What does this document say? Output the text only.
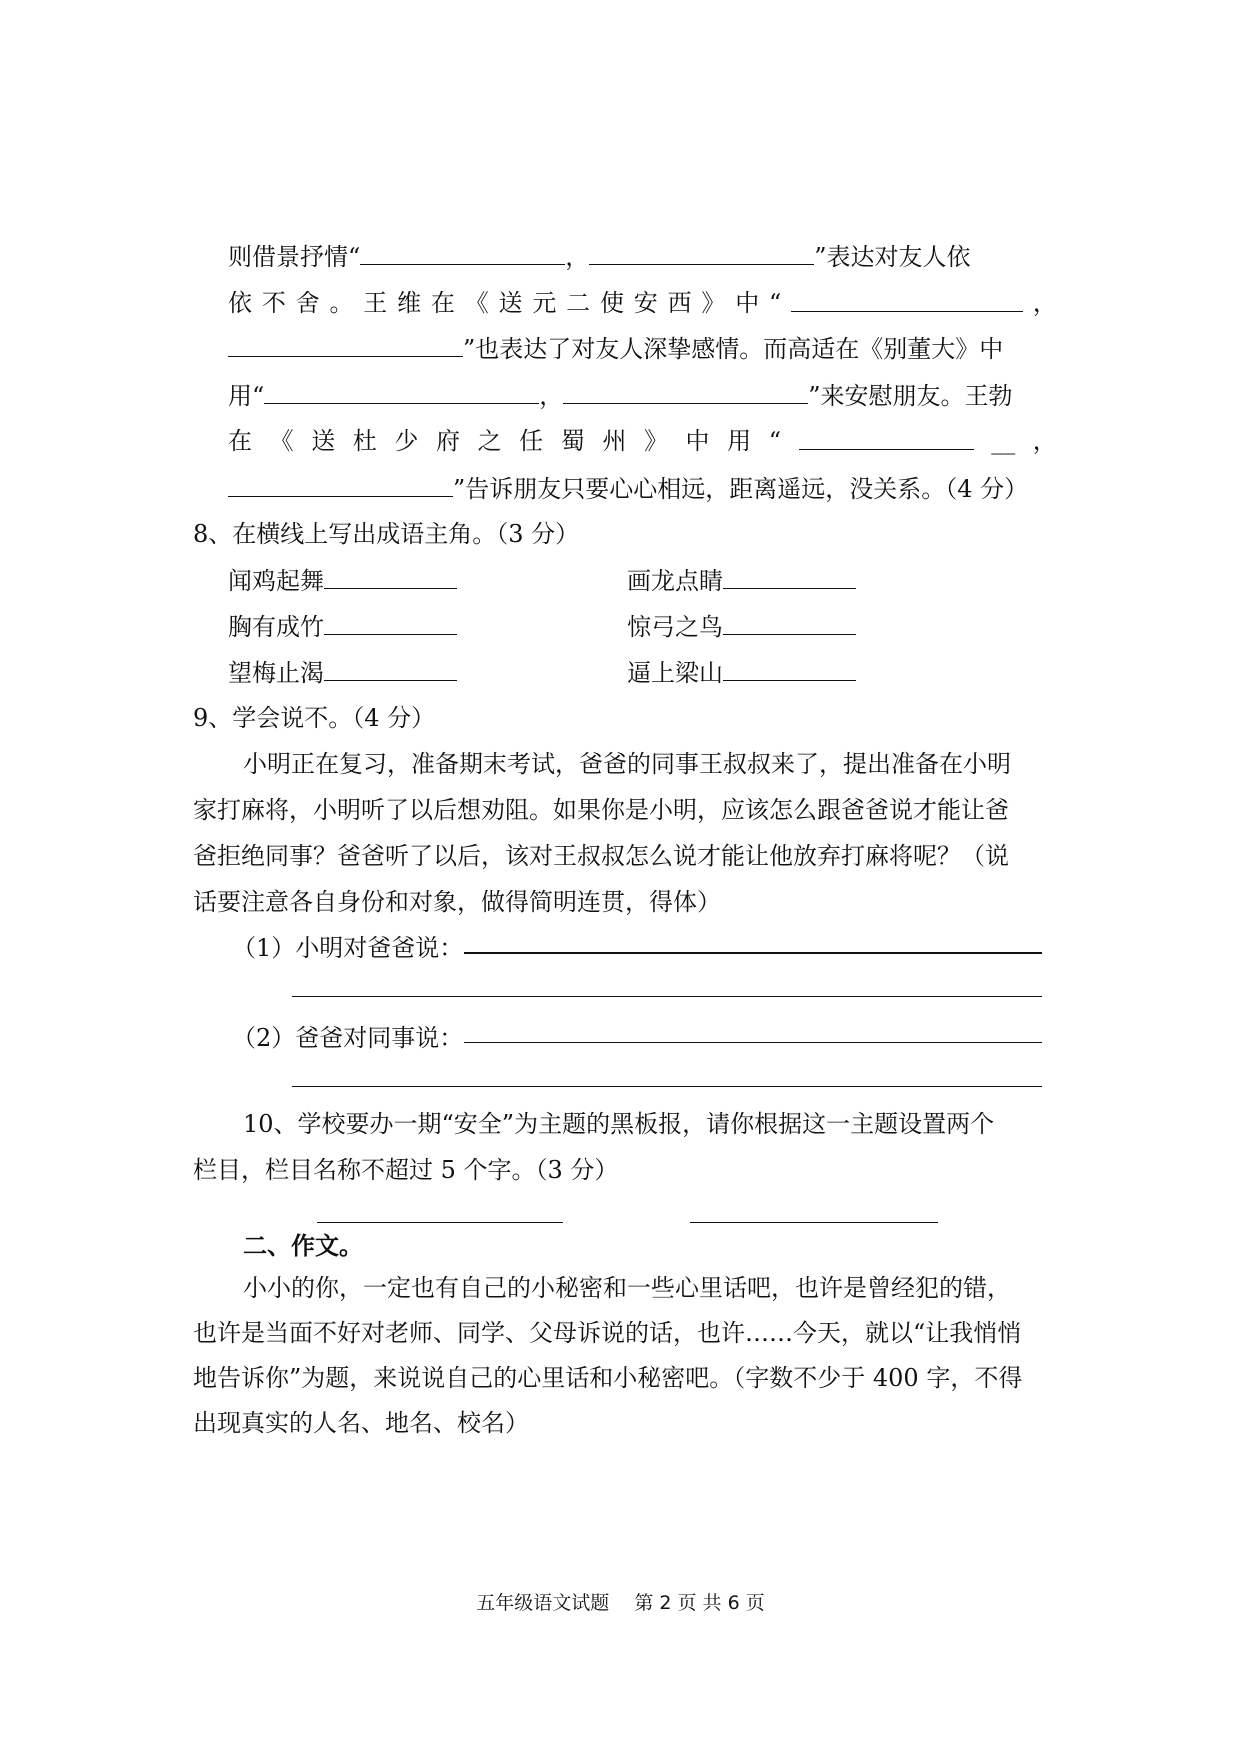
则借景抒情“	，	”表达对友人依
依 不 舍 。 王 维 在 《 送 元 二 使 安 西 》 中 “	，
”也表达了对友人深挚感情。而高适在《别董大》中
用“	，	”来安慰朋友。王勃
在 《 送 杜 少 府 之 任 蜀 州 》 中 用 “	__ ，
”告诉朋友只要心心相远，距离遥远，没关系。（4 分）
8、在横线上写出成语主角。（3 分）
闻鸡起舞	画龙点睛
胸有成竹	惊弓之鸟
望梅止渴	逼上梁山
9、学会说不。（4 分）
小明正在复习，准备期末考试，爸爸的同事王叔叔来了，提出准备在小明
家打麻将，小明听了以后想劝阻。如果你是小明，应该怎么跟爸爸说才能让爸
爸拒绝同事？爸爸听了以后，该对王叔叔怎么说才能让他放弃打麻将呢？（说
话要注意各自身份和对象，做得简明连贯，得体）
（1）小明对爸爸说：
（2）爸爸对同事说：
10、学校要办一期“安全”为主题的黑板报，请你根据这一主题设置两个
栏目，栏目名称不超过 5 个字。（3 分）
二、作文。
小小的你，一定也有自己的小秘密和一些心里话吧，也许是曾经犯的错，
也许是当面不好对老师、同学、父母诉说的话，也许……今天，就以“让我悄悄
地告诉你”为题，来说说自己的心里话和小秘密吧。（字数不少于 400 字，不得
出现真实的人名、地名、校名）
五年级语文试题　 第 2 页 共 6 页
